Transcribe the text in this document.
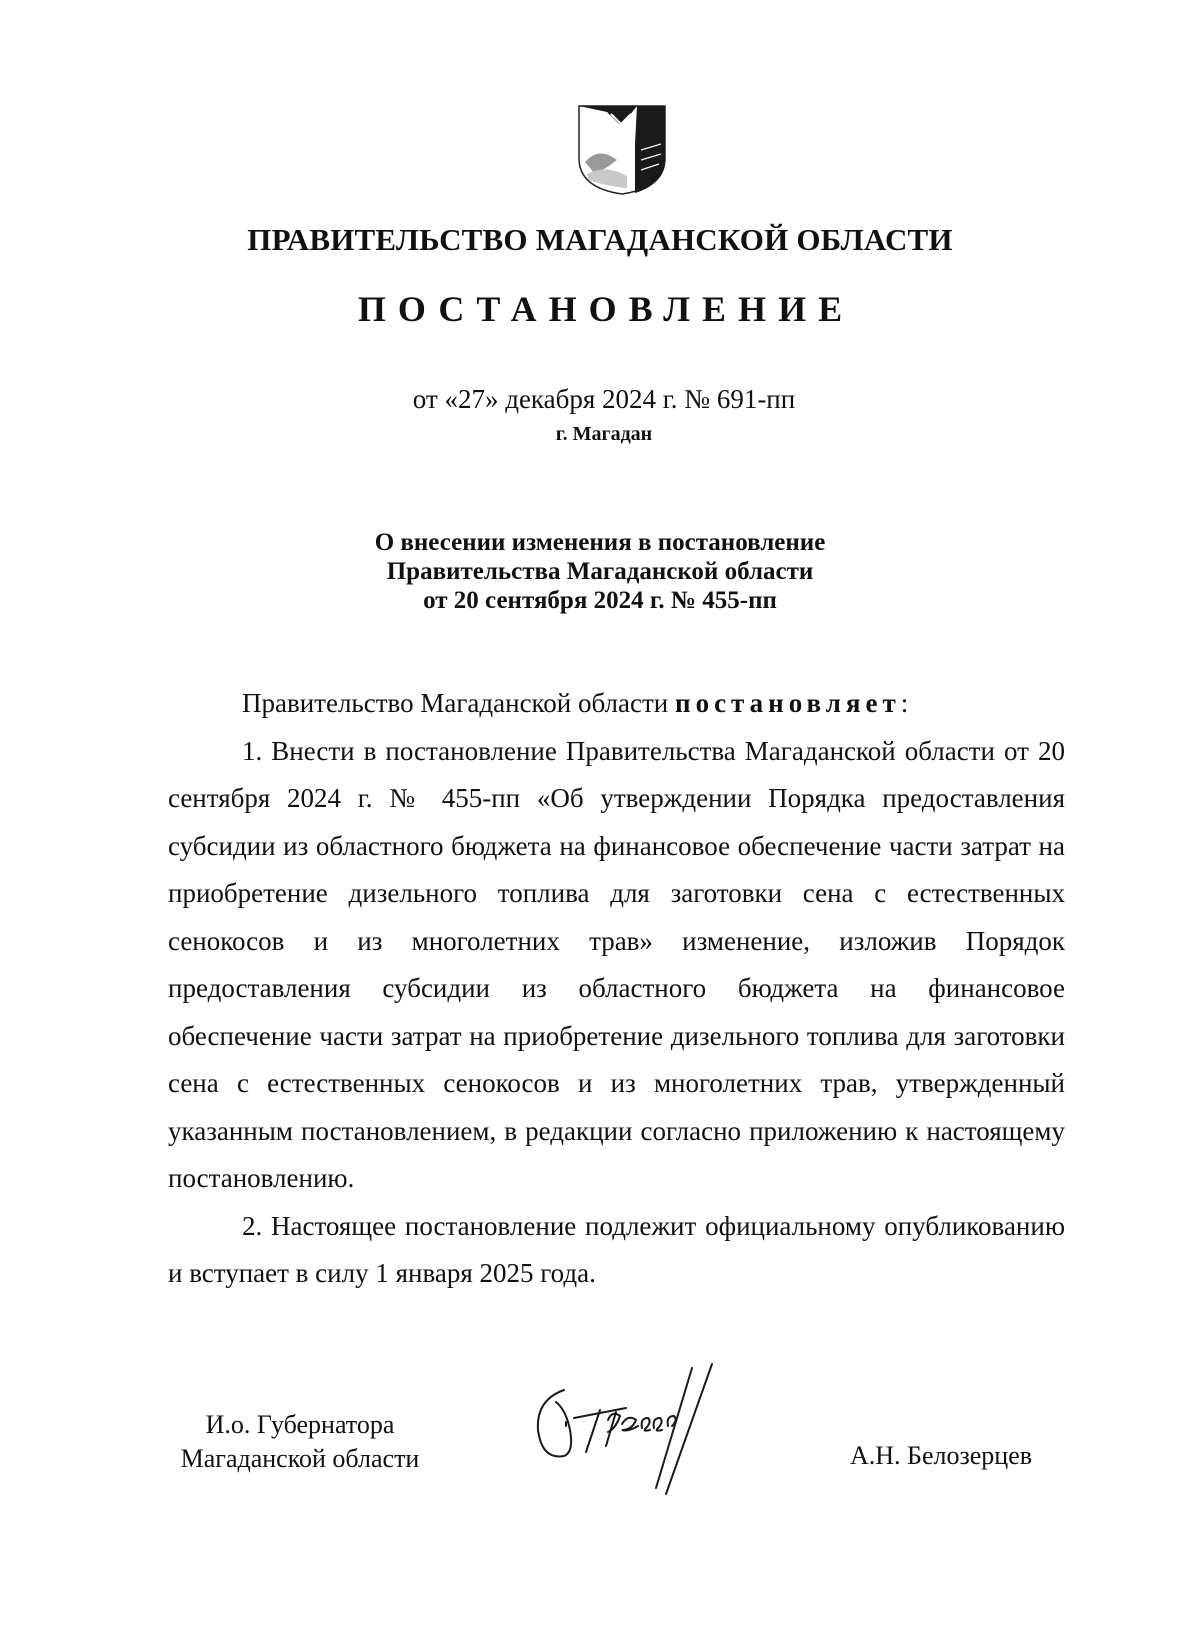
ПРАВИТЕЛЬСТВО МАГАДАНСКОЙ ОБЛАСТИ
ПОСТАНОВЛЕНИЕ
от «27» декабря 2024 г. № 691-пп
г. Магадан
О внесении изменения в постановление
Правительства Магаданской области
от 20 сентября 2024 г. № 455-пп

Правительство Магаданской области постановляет:

1. Внести в постановление Правительства Магаданской области от 20 сентября 2024 г. № 455-пп «Об утверждении Порядка предоставления субсидии из областного бюджета на финансовое обеспечение части затрат на приобретение дизельного топлива для заготовки сена с естественных сенокосов и из многолетних трав» изменение, изложив Порядок предоставления субсидии из областного бюджета на финансовое обеспечение части затрат на приобретение дизельного топлива для заготовки сена с естественных сенокосов и из многолетних трав, утвержденный указанным постановлением, в редакции согласно приложению к настоящему постановлению.

2. Настоящее постановление подлежит официальному опубликованию и вступает в силу 1 января 2025 года.

И.о. Губернатора
Магаданской области	А.Н. Белозерцев
